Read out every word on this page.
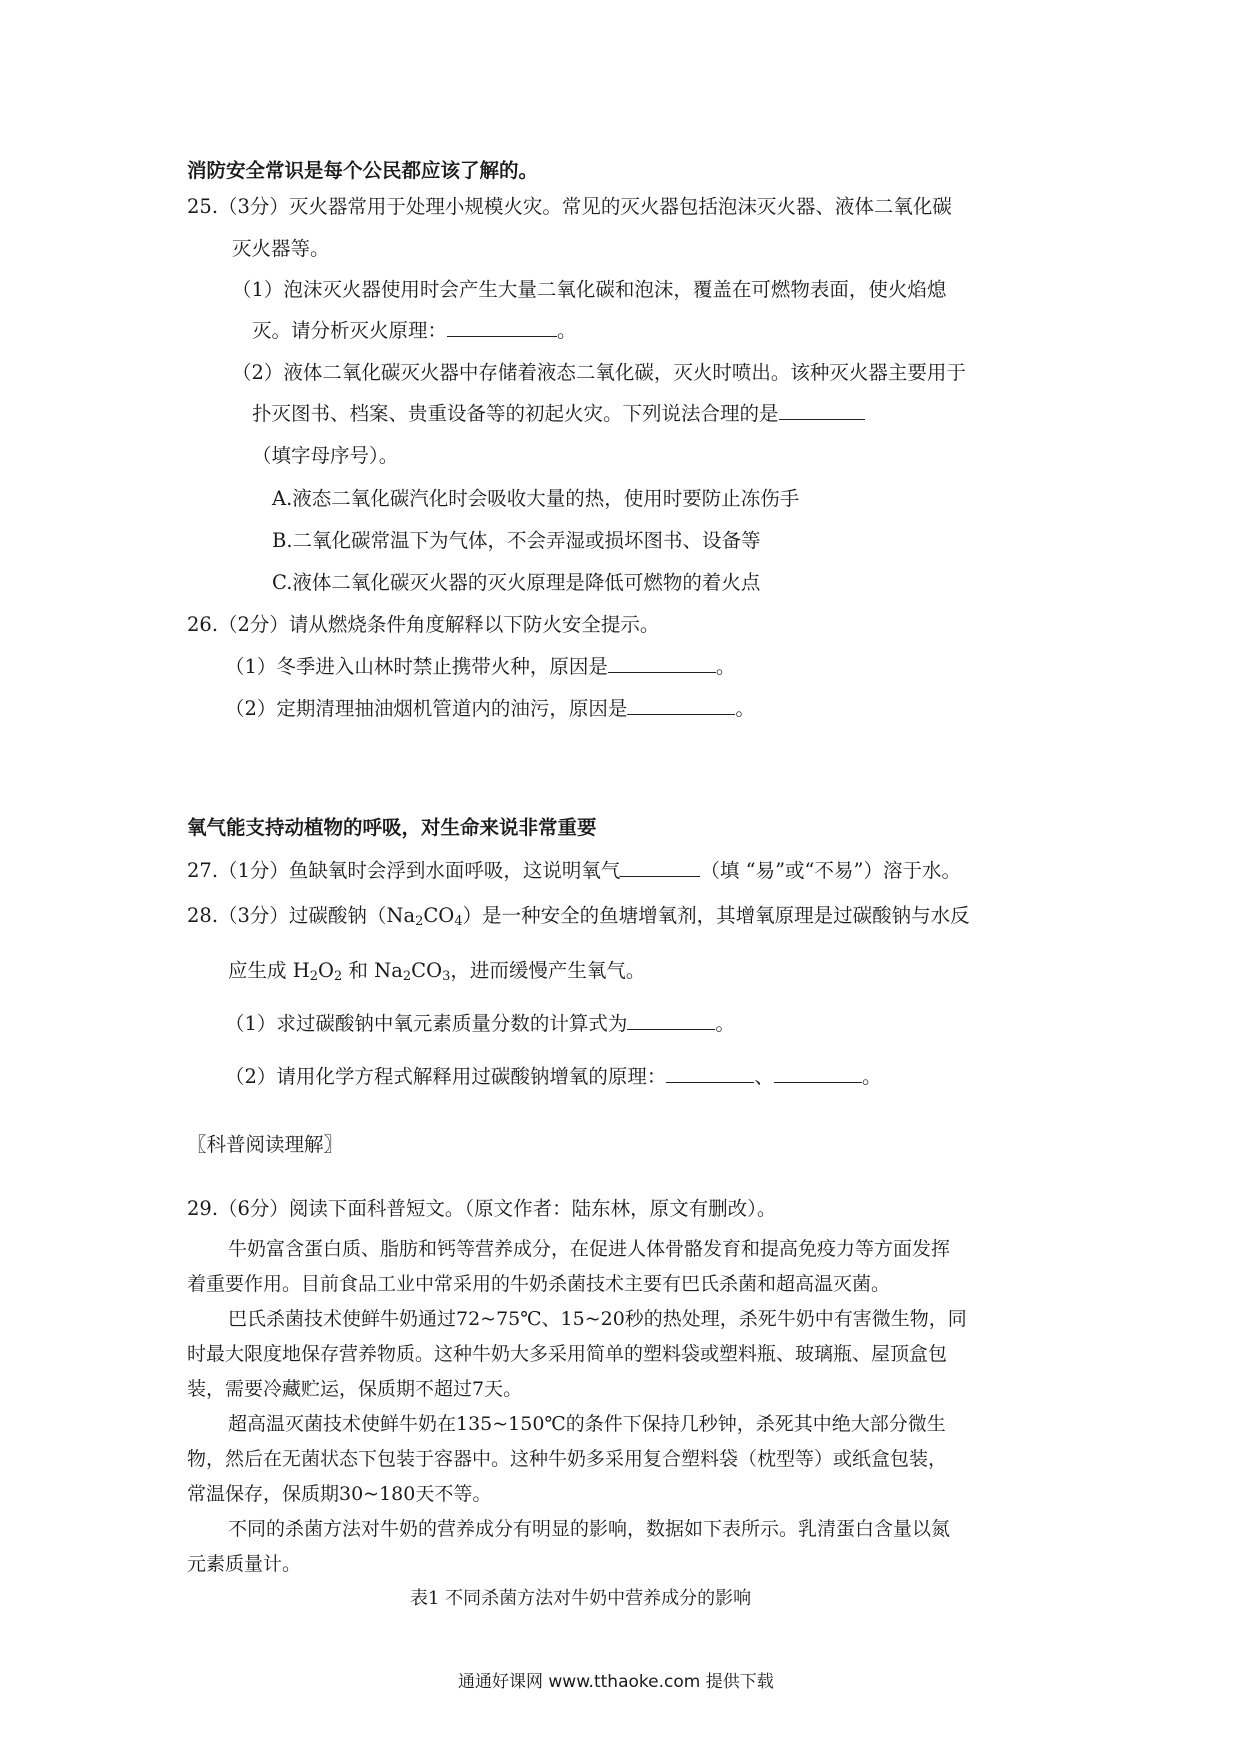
消防安全常识是每个公民都应该了解的。
25.（3分）灭火器常用于处理小规模火灾。常见的灭火器包括泡沫灭火器、液体二氧化碳
灭火器等。
（1）泡沫灭火器使用时会产生大量二氧化碳和泡沫，覆盖在可燃物表面，使火焰熄
灭。请分析灭火原理：	。
（2）液体二氧化碳灭火器中存储着液态二氧化碳，灭火时喷出。该种灭火器主要用于
扑灭图书、档案、贵重设备等的初起火灾。下列说法合理的是
（填字母序号）。
A.液态二氧化碳汽化时会吸收大量的热，使用时要防止冻伤手
B.二氧化碳常温下为气体，不会弄湿或损坏图书、设备等
C.液体二氧化碳灭火器的灭火原理是降低可燃物的着火点
26.（2分）请从燃烧条件角度解释以下防火安全提示。
（1）冬季进入山林时禁止携带火种，原因是	。
（2）定期清理抽油烟机管道内的油污，原因是	。
氧气能支持动植物的呼吸，对生命来说非常重要
27.（1分）鱼缺氧时会浮到水面呼吸，这说明氧气	（填 “易”或“不易”）溶于水。
28.（3分）过碳酸钠$(Na_2CO_4)$是一种安全的鱼塘增氧剂，其增氧原理是过碳酸钠与水反
应生成 $H_2O_2$ 和 $Na_2CO_3$，进而缓慢产生氧气。
（1）求过碳酸钠中氧元素质量分数的计算式为	。
（2）请用化学方程式解释用过碳酸钠增氧的原理：	、	。
〖科普阅读理解〗
29.（6分）阅读下面科普短文。（原文作者：陆东林，原文有删改）。
牛奶富含蛋白质、脂肪和钙等营养成分，在促进人体骨骼发育和提高免疫力等方面发挥
着重要作用。目前食品工业中常采用的牛奶杀菌技术主要有巴氏杀菌和超高温灭菌。
巴氏杀菌技术使鲜牛奶通过72~75℃、15~20秒的热处理，杀死牛奶中有害微生物，同
时最大限度地保存营养物质。这种牛奶大多采用简单的塑料袋或塑料瓶、玻璃瓶、屋顶盒包
装，需要冷藏贮运，保质期不超过7天。
超高温灭菌技术使鲜牛奶在135~150℃的条件下保持几秒钟，杀死其中绝大部分微生
物，然后在无菌状态下包装于容器中。这种牛奶多采用复合塑料袋（枕型等）或纸盒包装，
常温保存，保质期30~180天不等。
不同的杀菌方法对牛奶的营养成分有明显的影响，数据如下表所示。乳清蛋白含量以氮
元素质量计。
表1 不同杀菌方法对牛奶中营养成分的影响
通通好课网 www.tthaoke.com 提供下载
